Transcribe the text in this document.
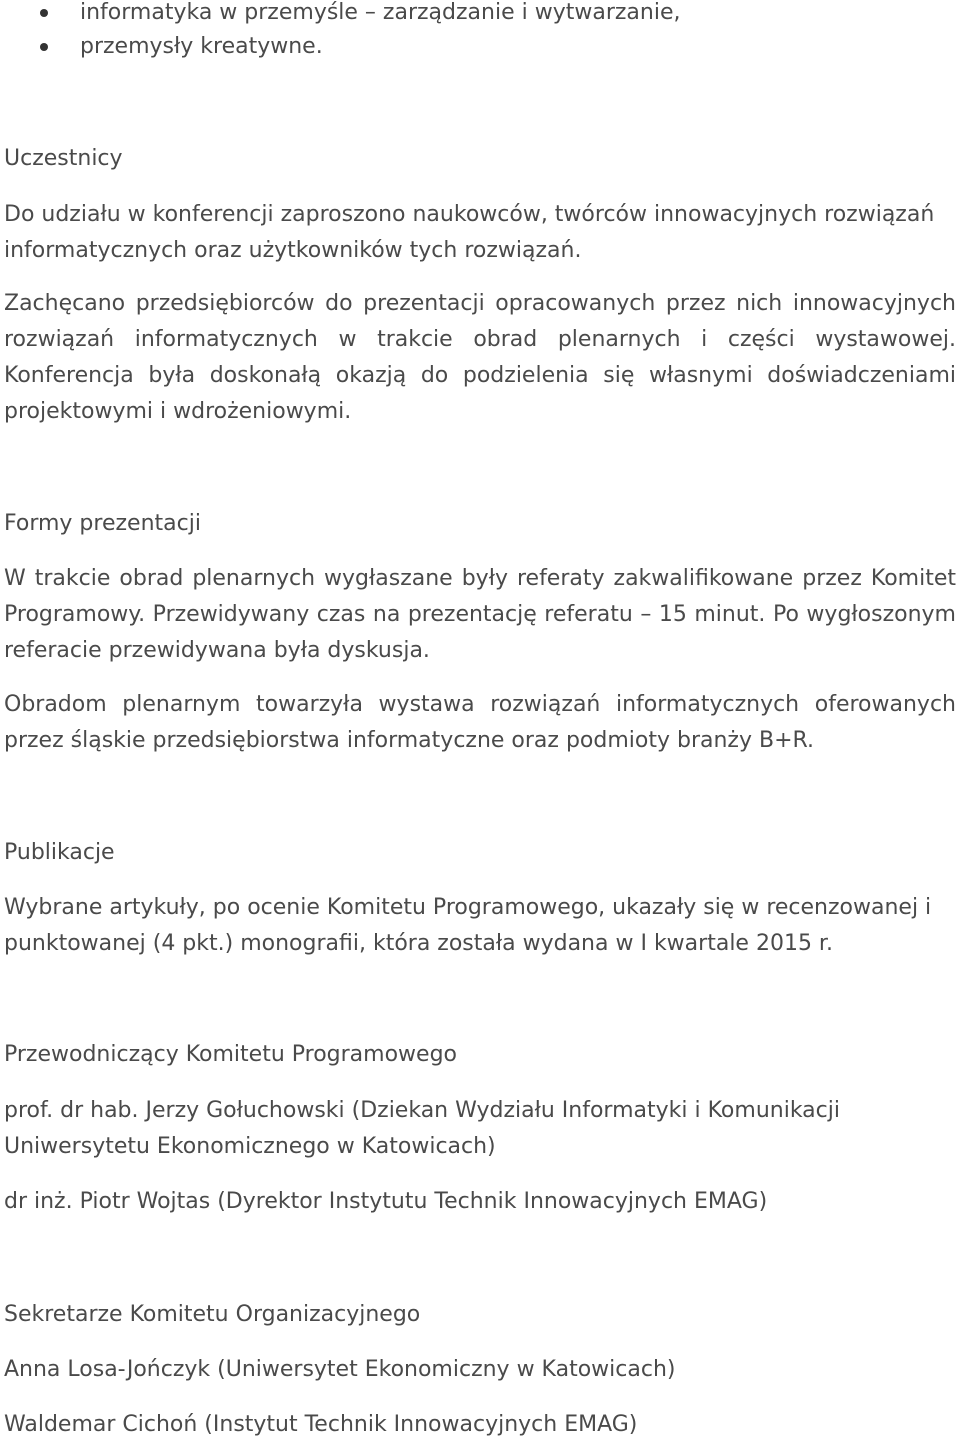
informatyka w przemyśle – zarządzanie i wytwarzanie,
przemysły kreatywne.
Uczestnicy

Do udziału w konferencji zaproszono naukowców, twórców innowacyjnych rozwiązań informatycznych oraz użytkowników tych rozwiązań.

Zachęcano przedsiębiorców do prezentacji opracowanych przez nich innowacyjnych rozwiązań informatycznych w trakcie obrad plenarnych i części wystawowej. Konferencja była doskonałą okazją do podzielenia się własnymi doświadczeniami projektowymi i wdrożeniowymi.

Formy prezentacji

W trakcie obrad plenarnych wygłaszane były referaty zakwalifikowane przez Komitet Programowy. Przewidywany czas na prezentację referatu – 15 minut. Po wygłoszonym referacie przewidywana była dyskusja.

Obradom plenarnym towarzyła wystawa rozwiązań informatycznych oferowanych przez śląskie przedsiębiorstwa informatyczne oraz podmioty branży B+R.

Publikacje

Wybrane artykuły, po ocenie Komitetu Programowego, ukazały się w recenzowanej i punktowanej (4 pkt.) monografii, która została wydana w I kwartale 2015 r.

Przewodniczący Komitetu Programowego

prof. dr hab. Jerzy Gołuchowski (Dziekan Wydziału Informatyki i Komunikacji Uniwersytetu Ekonomicznego w Katowicach)

dr inż. Piotr Wojtas (Dyrektor Instytutu Technik Innowacyjnych EMAG)

Sekretarze Komitetu Organizacyjnego

Anna Losa-Jończyk (Uniwersytet Ekonomiczny w Katowicach)

Waldemar Cichoń (Instytut Technik Innowacyjnych EMAG)
